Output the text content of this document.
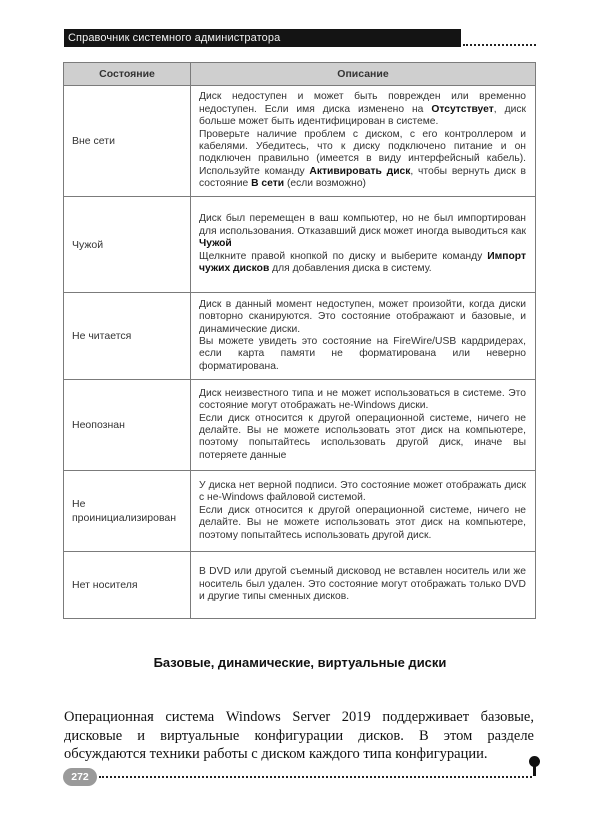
Справочник системного администратора
Состояние	Описание
Вне сети	Диск недоступен и может быть поврежден или временно недоступен. Если имя диска изменено на Отсутствует, диск больше может быть идентифицирован в системе.

Проверьте наличие проблем с диском, с его контроллером и кабелями. Убедитесь, что к диску подключено питание и он подключен правильно (имеется в виду интерфейсный кабель). Используйте команду Активировать диск, чтобы вернуть диск в состояние В сети (если возможно)

Чужой	Диск был перемещен в ваш компьютер, но не был импортирован для использования. Отказавший диск может иногда выводиться как Чужой

Щелкните правой кнопкой по диску и выберите команду Импорт чужих дисков для добавления диска в систему.

Не читается	Диск в данный момент недоступен, может произойти, когда диски повторно сканируются. Это состояние отображают и базовые, и динамические диски.

Вы можете увидеть это состояние на FireWire/USB кардридерах, если карта памяти не форматирована или неверно форматирована.

Неопознан	Диск неизвестного типа и не может использоваться в системе. Это состояние могут отображать не-Windows диски.

Если диск относится к другой операционной системе, ничего не делайте. Вы не можете использовать этот диск на компьютере, поэтому попытайтесь использовать другой диск, иначе вы потеряете данные

Не проинициализирован	У диска нет верной подписи. Это состояние может отображать диск с не-Windows файловой системой.

Если диск относится к другой операционной системе, ничего не делайте. Вы не можете использовать этот диск на компьютере, поэтому попытайтесь использовать другой диск.

Нет носителя	В DVD или другой съемный дисковод не вставлен носитель или же носитель был удален. Это состояние могут отображать только DVD и другие типы сменных дисков.

Базовые, динамические, виртуальные диски

Операционная система Windows Server 2019 поддерживает базовые, дисковые и виртуальные конфигурации дисков. В этом разделе обсуждаются техники работы с диском каждого типа конфигурации.

272
